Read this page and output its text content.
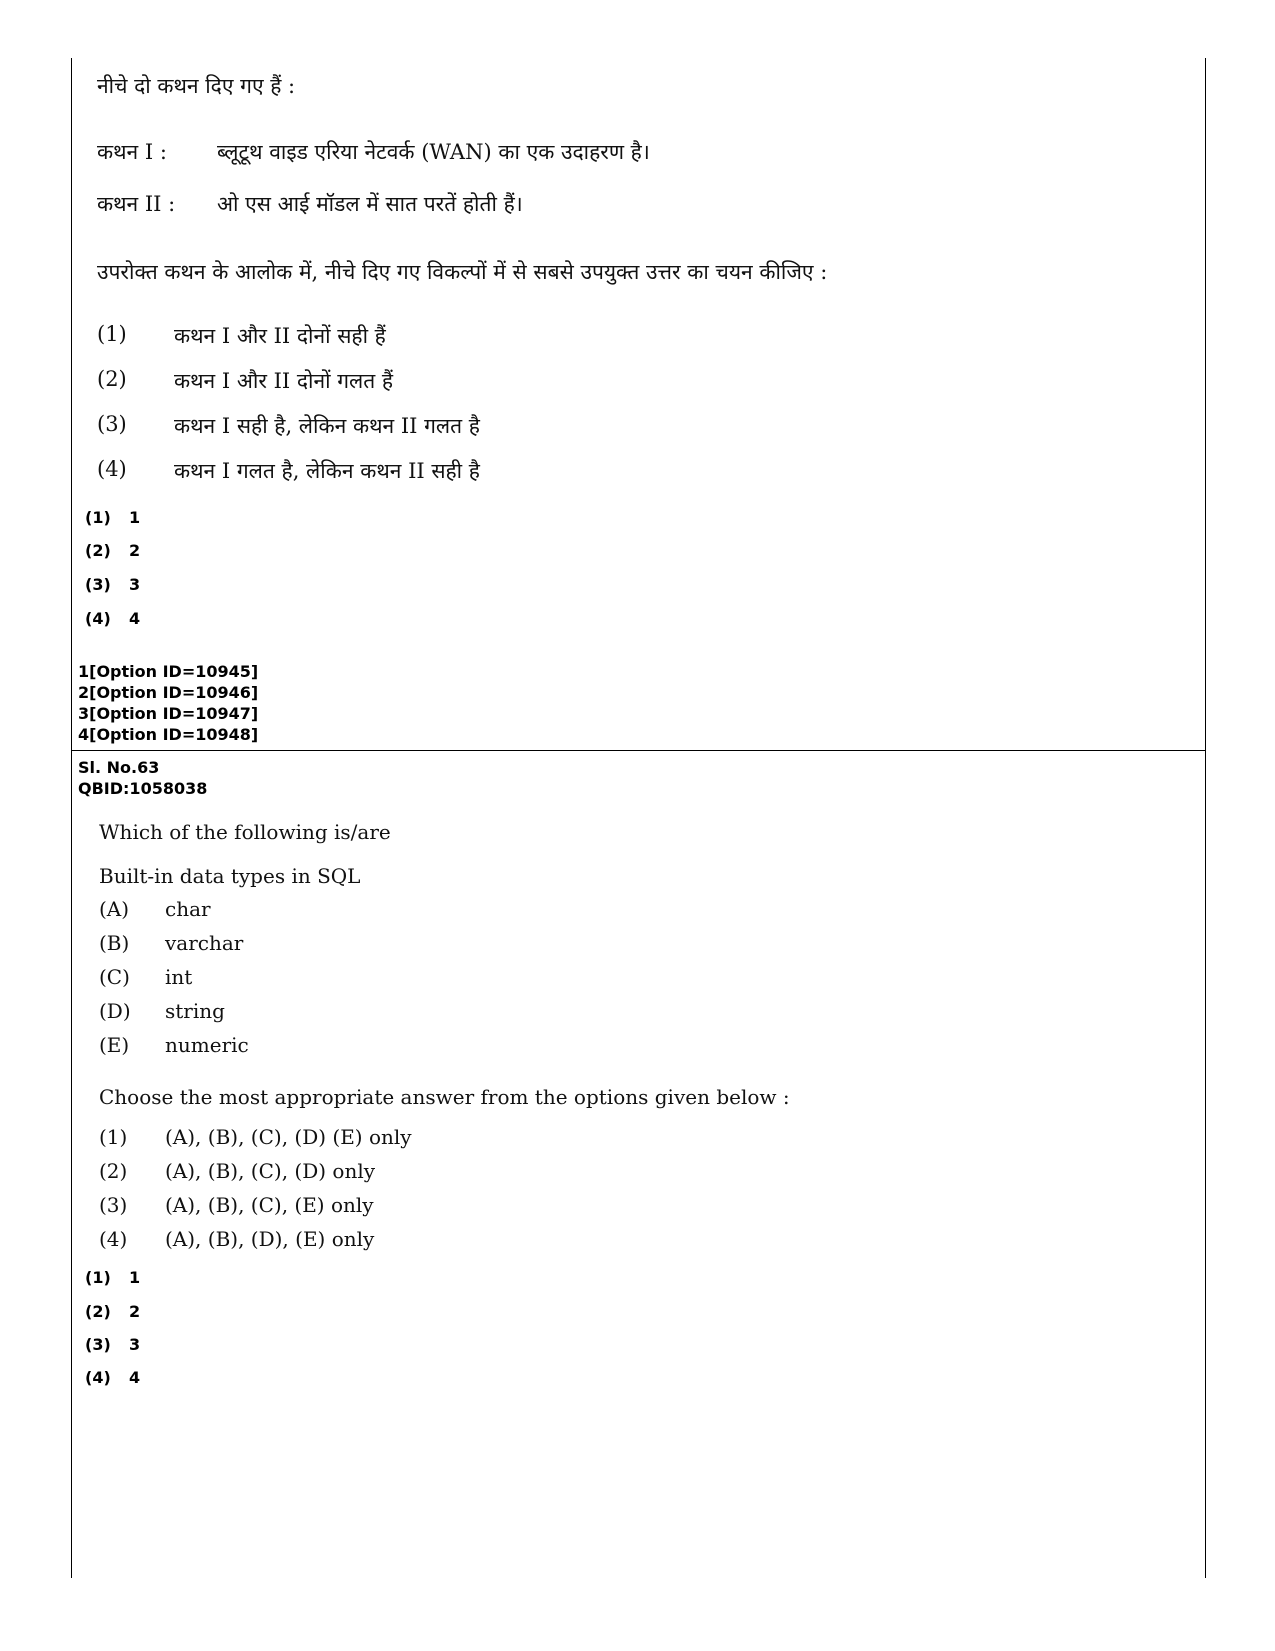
नीचे दो कथन दिए गए हैं :
कथन I :	ब्लूटूथ वाइड एरिया नेटवर्क (WAN) का एक उदाहरण है।
कथन II :	ओ एस आई मॉडल में सात परतें होती हैं।
उपरोक्त कथन के आलोक में, नीचे दिए गए विकल्पों में से सबसे उपयुक्त उत्तर का चयन कीजिए :
(1)	कथन I और II दोनों सही हैं
(2)	कथन I और II दोनों गलत हैं
(3)	कथन I सही है, लेकिन कथन II गलत है
(4)	कथन I गलत है, लेकिन कथन II सही है
(1) 1
(2) 2
(3) 3
(4) 4
1[Option ID=10945]
2[Option ID=10946]
3[Option ID=10947]
4[Option ID=10948]
Sl. No.63
QBID:1058038
Which of the following is/are
Built-in data types in SQL
(A)	char
(B)	varchar
(C)	int
(D)	string
(E)	numeric
Choose the most appropriate answer from the options given below :
(1)	(A), (B), (C), (D) (E) only
(2)	(A), (B), (C), (D) only
(3)	(A), (B), (C), (E) only
(4)	(A), (B), (D), (E) only
(1) 1
(2) 2
(3) 3
(4) 4
